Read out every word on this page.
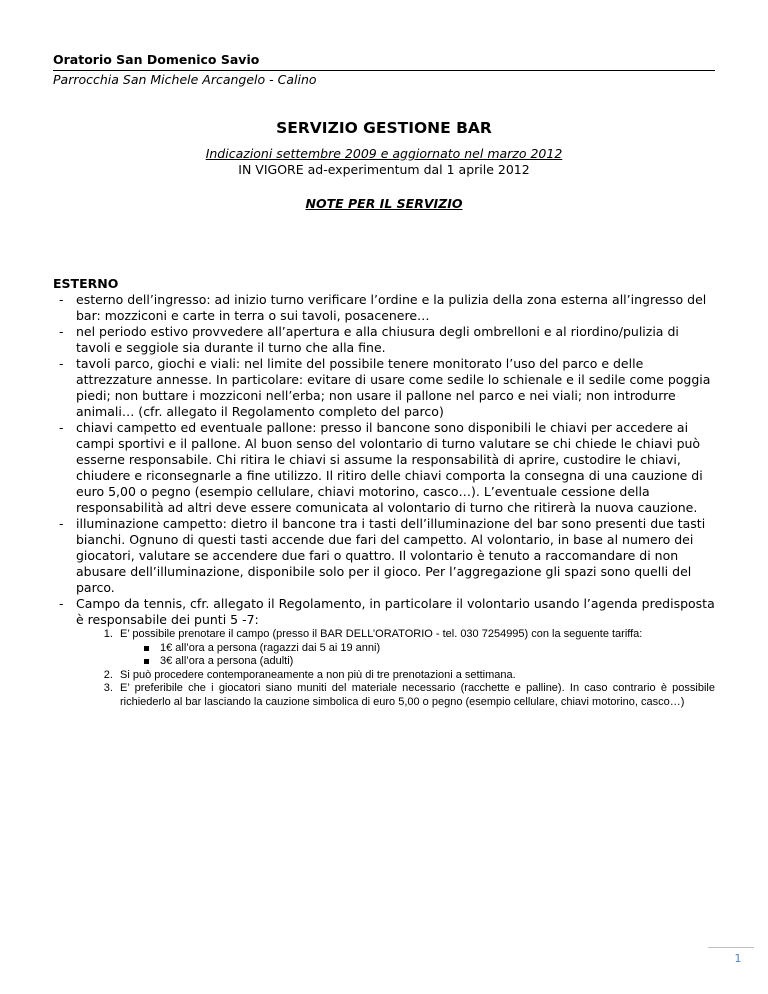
Oratorio San Domenico Savio
Parrocchia San Michele Arcangelo - Calino
SERVIZIO GESTIONE BAR
Indicazioni settembre 2009 e aggiornato nel marzo 2012
IN VIGORE ad-experimentum dal 1 aprile 2012
NOTE PER IL SERVIZIO
ESTERNO
- esterno dell’ingresso: ad inizio turno verificare l’ordine e la pulizia della zona esterna all’ingresso del bar: mozziconi e carte in terra o sui tavoli, posacenere…
- nel periodo estivo provvedere all’apertura e alla chiusura degli ombrelloni e al riordino/pulizia di tavoli e seggiole sia durante il turno che alla fine.
- tavoli parco, giochi e viali: nel limite del possibile tenere monitorato l’uso del parco e delle attrezzature annesse. In particolare: evitare di usare come sedile lo schienale e il sedile come poggia piedi; non buttare i mozziconi nell’erba; non usare il pallone nel parco e nei viali; non introdurre animali… (cfr. allegato il Regolamento completo del parco)
- chiavi campetto ed eventuale pallone: presso il bancone sono disponibili le chiavi per accedere ai campi sportivi e il pallone. Al buon senso del volontario di turno valutare se chi chiede le chiavi può esserne responsabile. Chi ritira le chiavi si assume la responsabilità di aprire, custodire le chiavi, chiudere e riconsegnarle a fine utilizzo. Il ritiro delle chiavi comporta la consegna di una cauzione di euro 5,00 o pegno (esempio cellulare, chiavi motorino, casco…). L’eventuale cessione della responsabilità ad altri deve essere comunicata al volontario di turno che ritirerà la nuova cauzione.
- illuminazione campetto: dietro il bancone tra i tasti dell’illuminazione del bar sono presenti due tasti bianchi. Ognuno di questi tasti accende due fari del campetto. Al volontario, in base al numero dei giocatori, valutare se accendere due fari o quattro. Il volontario è tenuto a raccomandare di non abusare dell’illuminazione, disponibile solo per il gioco. Per l’aggregazione gli spazi sono quelli del parco.
- Campo da tennis, cfr. allegato il Regolamento, in particolare il volontario usando l’agenda predisposta è responsabile dei punti 5 -7:
1. E’ possibile prenotare il campo (presso il BAR DELL’ORATORIO - tel. 030 7254995) con la seguente tariffa:
1€ all’ora a persona (ragazzi dai 5 ai 19 anni)
3€ all’ora a persona (adulti)
2. Si può procedere contemporaneamente a non più di tre prenotazioni a settimana.
3. E’ preferibile che i giocatori siano muniti del materiale necessario (racchette e palline). In caso contrario è possibile richiederlo al bar lasciando la cauzione simbolica di euro 5,00 o pegno (esempio cellulare, chiavi motorino, casco…)
1
